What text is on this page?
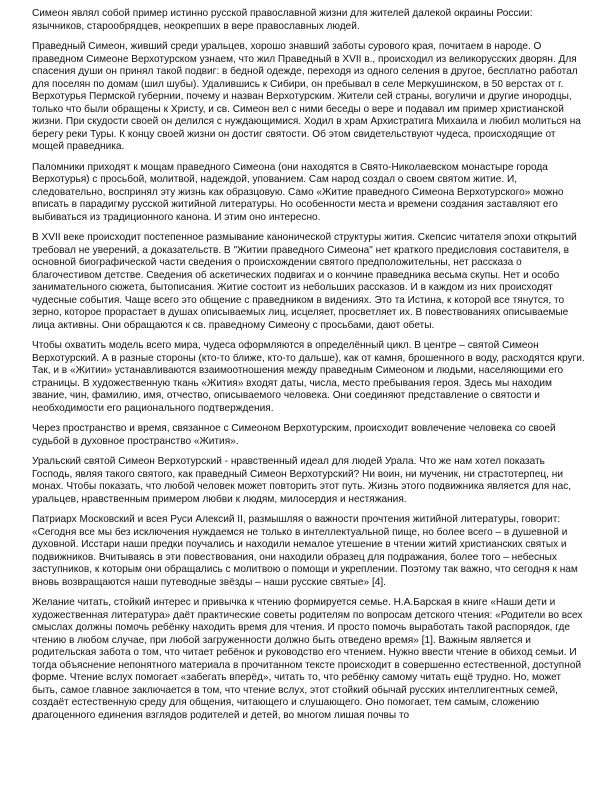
Симеон являл собой пример истинно русской православной жизни для жителей далекой окраины России: язычников, старообрядцев, неокрепших в вере православных людей.

Праведный Симеон, живший среди уральцев, хорошо знавший заботы сурового края, почитаем в народе. О праведном Симеоне Верхотурском узнаем, что жил Праведный в XVII в., происходил из великорусских дворян. Для спасения души он принял такой подвиг: в бедной одежде, переходя из одного селения в другое, бесплатно работал для поселян по домам (шил шубы). Удалившись к Сибири, он пребывал в селе Меркушинском, в 50 верстах от г. Верхотурья Пермской губернии, почему и назван Верхотурским. Жители сей страны, вогуличи и другие инородцы, только что были обращены к Христу, и св. Симеон вел с ними беседы о вере и подавал им пример христианской жизни. При скудости своей он делился с нуждающимися. Ходил в храм Архистратига Михаила и любил молиться на берегу реки Туры. К концу своей жизни он достиг святости. Об этом свидетельствуют чудеса, происходящие от мощей праведника.

Паломники приходят к мощам праведного Симеона (они находятся в Свято-Николаевском монастыре города Верхотурья) с просьбой, молитвой, надеждой, упованием. Сам народ создал о своем святом житие. И, следовательно, воспринял эту жизнь как образцовую. Само «Житие праведного Симеона Верхотурского» можно вписать в парадигму русской житийной литературы. Но особенности места и времени создания заставляют его выбиваться из традиционного канона. И этим оно интересно.

В XVII веке происходит постепенное размывание канонической структуры жития. Скепсис читателя эпохи открытий требовал не уверений, а доказательств. В "Житии праведного Симеона" нет краткого предисловия составителя, в основной биографической части сведения о происхождении святого предположительны, нет рассказа о благочестивом детстве. Сведения об аскетических подвигах и о кончине праведника весьма скупы. Нет и особо занимательного сюжета, бытописания. Житие состоит из небольших рассказов. И в каждом из них происходят чудесные события. Чаще всего это общение с праведником в видениях. Это та Истина, к которой все тянутся, то зерно, которое прорастает в душах описываемых лиц, исцеляет, просветляет их. В повествованиях описываемые лица активны. Они обращаются к св. праведному Симеону с просьбами, дают обеты.

Чтобы охватить модель всего мира, чудеса оформляются в определённый цикл. В центре – святой Симеон Верхотурский. А в разные стороны (кто-то ближе, кто-то дальше), как от камня, брошенного в воду, расходятся круги. Так, и в «Житии» устанавливаются взаимоотношения между праведным Симеоном и людьми, населяющими его страницы. В художественную ткань «Жития» входят даты, числа, место пребывания героя. Здесь мы находим звание, чин, фамилию, имя, отчество, описываемого человека. Они соединяют представление о святости и необходимости его рационального подтверждения.

Через пространство и время, связанное с Симеоном Верхотурским, происходит вовлечение человека со своей судьбой в духовное пространство «Жития».

Уральский святой Симеон Верхотурский - нравственный идеал для людей Урала. Что же нам хотел показать Господь, являя такого святого, как праведный Симеон Верхотурский? Ни воин, ни мученик, ни страстотерпец, ни монах. Чтобы показать, что любой человек может повторить этот путь. Жизнь этого подвижника является для нас, уральцев, нравственным примером любви к людям, милосердия и нестяжания.

Патриарх Московский и всея Руси Алексий II, размышляя о важности прочтения житийной литературы, говорит: «Сегодня все мы без исключения нуждаемся не только в интеллектуальной пище, но более всего – в душевной и духовной. Исстари наши предки поучались и находили немалое утешение в чтении житий христианских святых и подвижников. Вчитываясь в эти повествования, они находили образец для подражания, более того – небесных заступников, к которым они обращались с молитвою о помощи и укреплении. Поэтому так важно, что сегодня к нам вновь возвращаются наши путеводные звёзды – наши русские святые» [4].

Желание читать, стойкий интерес и привычка к чтению формируется семье. Н.А.Барская в книге «Наши дети и художественная литература» даёт практические советы родителям по вопросам детского чтения: «Родители во всех смыслах должны помочь ребёнку находить время для чтения. И просто помочь выработать такой распорядок, где чтению в любом случае, при любой загруженности должно быть отведено время» [1]. Важным является и родительская забота о том, что читает ребёнок и руководство его чтением. Нужно ввести чтение в обиход семьи. И тогда объяснение непонятного материала в прочитанном тексте происходит в совершенно естественной, доступной форме. Чтение вслух помогает «забегать вперёд», читать то, что ребёнку самому читать ещё трудно. Но, может быть, самое главное заключается в том, что чтение вслух, этот стойкий обычай русских интеллигентных семей, создаёт естественную среду для общения, читающего и слушающего. Оно помогает, тем самым, сложению драгоценного единения взглядов родителей и детей, во многом лишая почвы то
